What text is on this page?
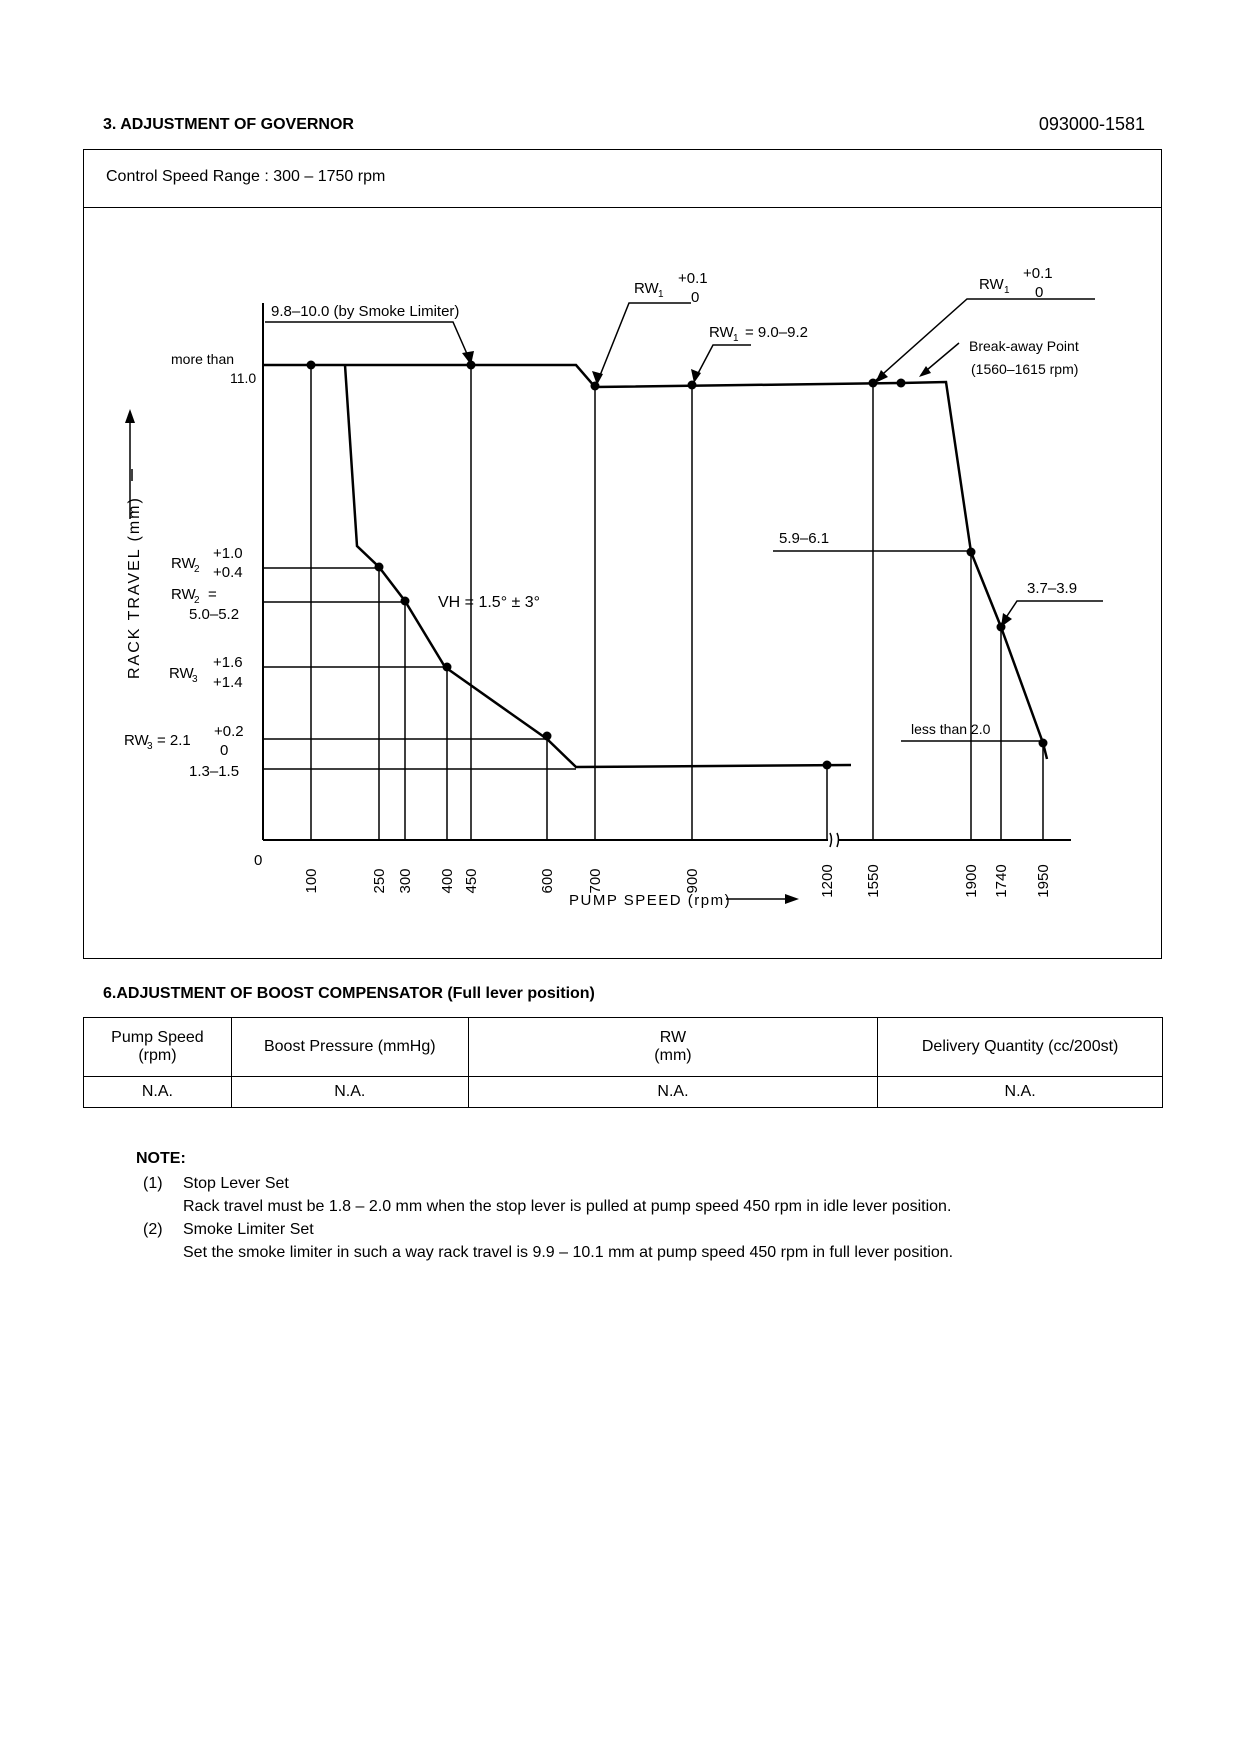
3. ADJUSTMENT OF GOVERNOR	093000-1581
Control Speed Range : 300 – 1750 rpm
9.8–10.0 (by Smoke Limiter)
RW 1
+0.1
0
RW 1 = 9.0–9.2
RW 1
+0.1
0
Break-away Point
(1560–1615 rpm)
more than
11.0
RW
2
+1.0
+0.4
RW
2 =
5.0–5.2
RW
3
+1.6
+1.4
RW
3 = 2.1
+0.2
0
1.3–1.5
VH = 1.5° ± 3°
5.9–6.1
3.7–3.9
less than 2.0
RACK TRAVEL (mm)
PUMP SPEED (rpm)
0
100	250 300 400 450	600 700	900	1200 1550	1900 1740 1950
6.ADJUSTMENT OF BOOST COMPENSATOR (Full lever position)
Pump Speed
(rpm)	Boost Pressure (mmHg)	RW
(mm)	Delivery Quantity (cc/200st)
N.A.	N.A.	N.A.	N.A.
NOTE:
(1) Stop Lever Set
Rack travel must be 1.8 – 2.0 mm when the stop lever is pulled at pump speed 450 rpm in idle lever position.
(2) Smoke Limiter Set
Set the smoke limiter in such a way rack travel is 9.9 – 10.1 mm at pump speed 450 rpm in full lever position.
